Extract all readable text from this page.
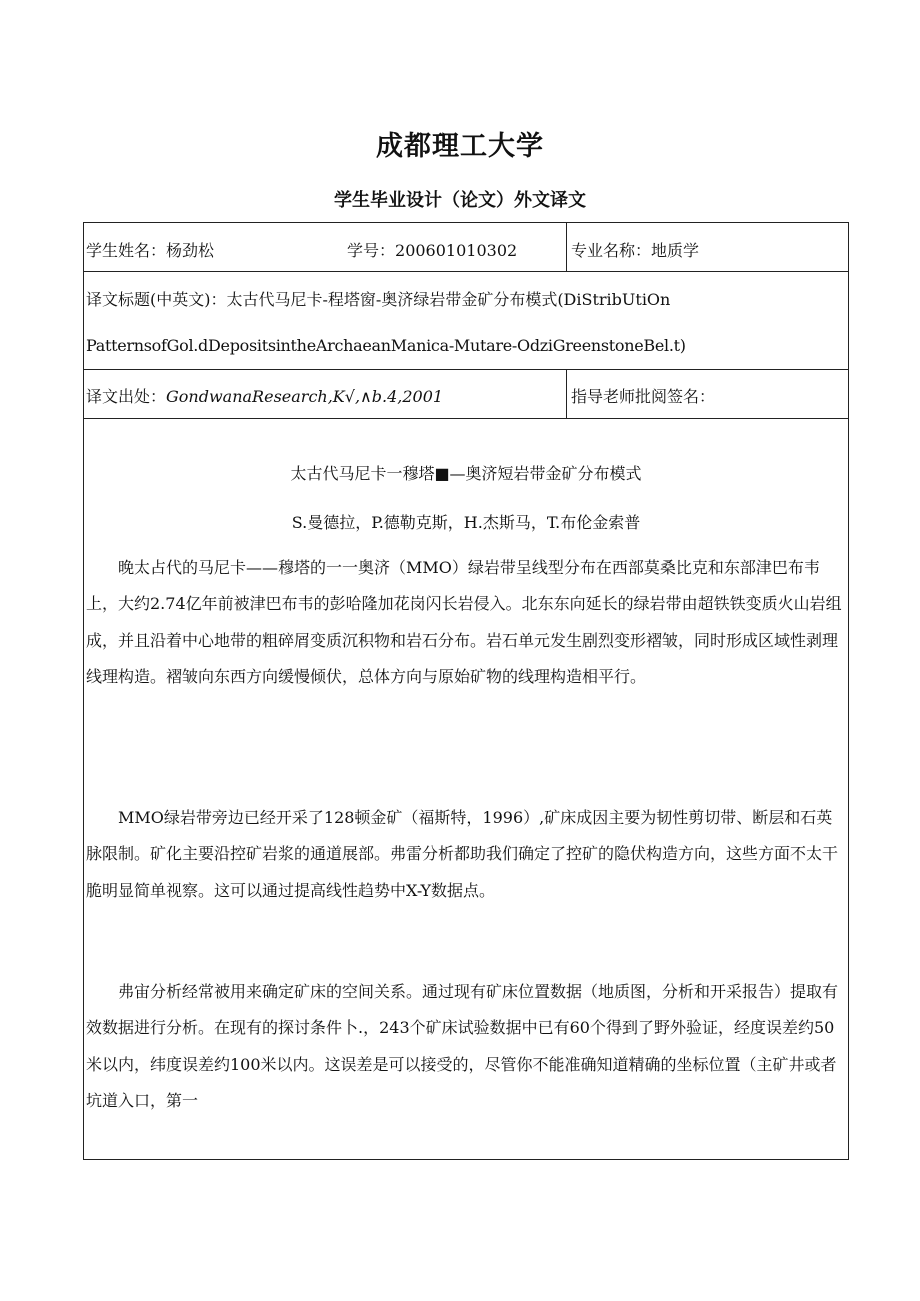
成都理工大学
学生毕业设计（论文）外文译文
学生姓名：杨劲松	学号：200601010302	专业名称：地质学
译文标题(中英文)：太古代马尼卡-程塔窗-奥济绿岩带金矿分布模式(DiStribUtiOn
PatternsofGol.dDepositsintheArchaeanManica-Mutare-OdziGreenstoneBel.t)
译文出处：GondwanaResearch,K√,∧b.4,2001	指导老师批阅签名：
太古代马尼卡一穆塔■—奥济短岩带金矿分布模式
S.曼德拉，P.德勒克斯，H.杰斯马，T.布伦金索普

晚太占代的马尼卡——穆塔的一一奥济（MMO）绿岩带呈线型分布在西部莫桑比克和东部津巴布韦上，大约2.74亿年前被津巴布韦的彭哈隆加花岗闪长岩侵入。北东东向延长的绿岩带由超铁铁变质火山岩组成，并且沿着中心地带的粗碎屑变质沉积物和岩石分布。岩石单元发生剧烈变形褶皱，同时形成区域性剥理线理构造。褶皱向东西方向缓慢倾伏，总体方向与原始矿物的线理构造相平行。

MMO绿岩带旁边已经开采了128顿金矿（福斯特，1996）,矿床成因主要为韧性剪切带、断层和石英脉限制。矿化主要沿控矿岩浆的通道展部。弗雷分析都助我们确定了控矿的隐伏构造方向，这些方面不太干脆明显简单视察。这可以通过提高线性趋势中X-Y数据点。

弗宙分析经常被用来确定矿床的空间关系。通过现有矿床位置数据（地质图，分析和开采报告）提取有效数据进行分析。在现有的探讨条件卜.，243个矿床试验数据中已有60个得到了野外验证，经度误差约50米以内，纬度误差约100米以内。这误差是可以接受的，尽管你不能准确知道精确的坐标位置（主矿井或者坑道入口，第一
